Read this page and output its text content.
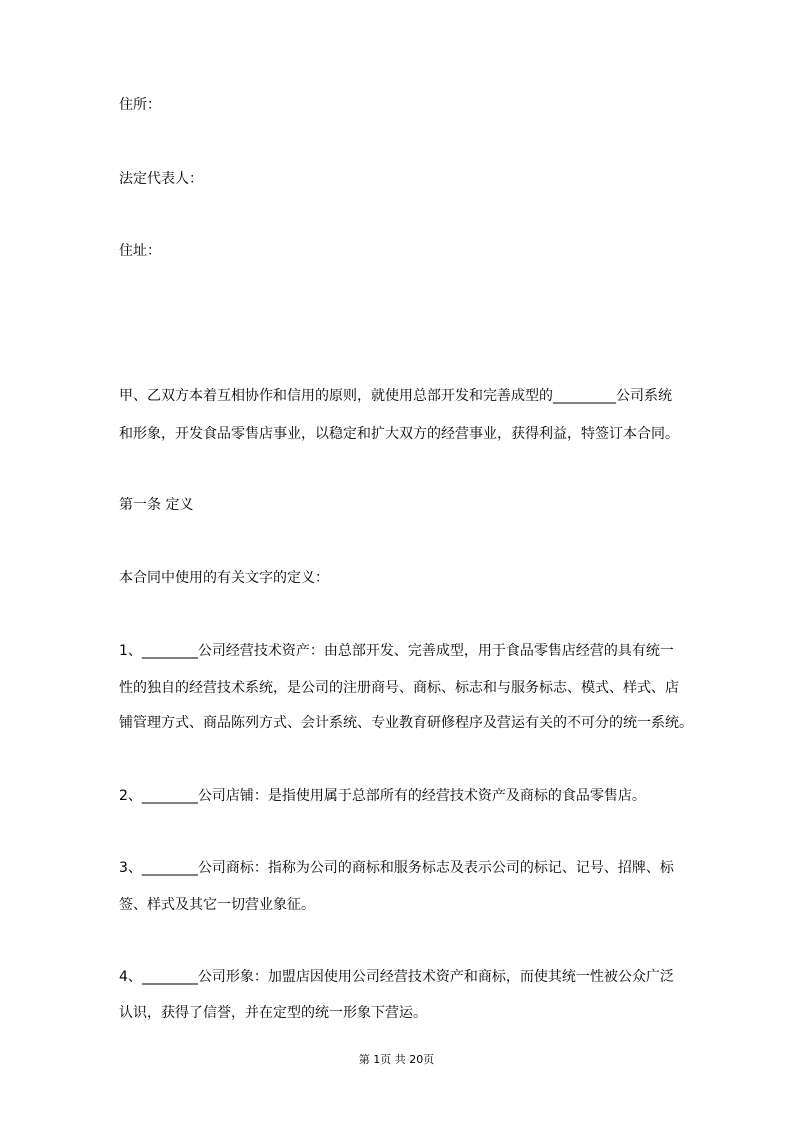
住所：
法定代表人：
住址：
甲、乙双方本着互相协作和信用的原则，就使用总部开发和完善成型的_________公司系统
和形象，开发食品零售店事业，以稳定和扩大双方的经营事业，获得利益，特签订本合同。
第一条 定义
本合同中使用的有关文字的定义：
1、________公司经营技术资产：由总部开发、完善成型，用于食品零售店经营的具有统一
性的独自的经营技术系统，是公司的注册商号、商标、标志和与服务标志、模式、样式、店
铺管理方式、商品陈列方式、会计系统、专业教育研修程序及营运有关的不可分的统一系统。
2、________公司店铺：是指使用属于总部所有的经营技术资产及商标的食品零售店。
3、________公司商标：指称为公司的商标和服务标志及表示公司的标记、记号、招牌、标
签、样式及其它一切营业象征。
4、________公司形象：加盟店因使用公司经营技术资产和商标，而使其统一性被公众广泛
认识，获得了信誉，并在定型的统一形象下营运。
第 1页 共 20页
